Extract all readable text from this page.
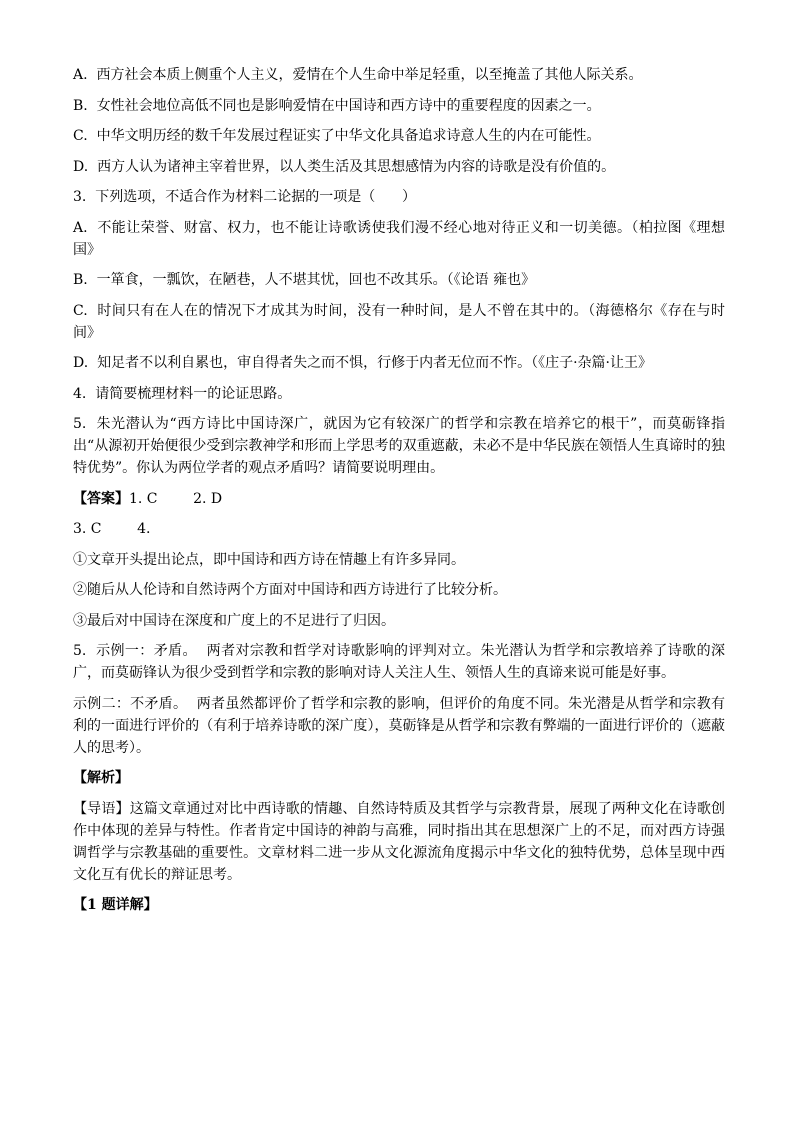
A.  西方社会本质上侧重个人主义，爱情在个人生命中举足轻重，以至掩盖了其他人际关系。

B.  女性社会地位高低不同也是影响爱情在中国诗和西方诗中的重要程度的因素之一。

C.  中华文明历经的数千年发展过程证实了中华文化具备追求诗意人生的内在可能性。

D.  西方人认为诸神主宰着世界，以人类生活及其思想感情为内容的诗歌是没有价值的。

3.  下列选项，不适合作为材料二论据的一项是（      ）

A.  不能让荣誉、财富、权力，也不能让诗歌诱使我们漫不经心地对待正义和一切美德。（柏拉图《理想国》

B.  一箪食，一瓢饮，在陋巷，人不堪其忧，回也不改其乐。（《论语 雍也》

C.  时间只有在人在的情况下才成其为时间，没有一种时间，是人不曾在其中的。（海德格尔《存在与时间》

D.  知足者不以利自累也，审自得者失之而不惧，行修于内者无位而不怍。（《庄子·杂篇·让王》

4.  请简要梳理材料一的论证思路。

5.  朱光潜认为“西方诗比中国诗深广，就因为它有较深广的哲学和宗教在培养它的根干”，而莫砺锋指出“从源初开始便很少受到宗教神学和形而上学思考的双重遮蔽，未必不是中华民族在领悟人生真谛时的独特优势”。你认为两位学者的观点矛盾吗？请简要说明理由。

【答案】1. C        2. D

3. C        4.

①文章开头提出论点，即中国诗和西方诗在情趣上有许多异同。

②随后从人伦诗和自然诗两个方面对中国诗和西方诗进行了比较分析。

③最后对中国诗在深度和广度上的不足进行了归因。

5.  示例一：矛盾。  两者对宗教和哲学对诗歌影响的评判对立。朱光潜认为哲学和宗教培养了诗歌的深广，而莫砺锋认为很少受到哲学和宗教的影响对诗人关注人生、领悟人生的真谛来说可能是好事。

示例二：不矛盾。  两者虽然都评价了哲学和宗教的影响，但评价的角度不同。朱光潜是从哲学和宗教有利的一面进行评价的（有利于培养诗歌的深广度），莫砺锋是从哲学和宗教有弊端的一面进行评价的（遮蔽人的思考）。

【解析】

【导语】这篇文章通过对比中西诗歌的情趣、自然诗特质及其哲学与宗教背景，展现了两种文化在诗歌创作中体现的差异与特性。作者肯定中国诗的神韵与高雅，同时指出其在思想深广上的不足，而对西方诗强调哲学与宗教基础的重要性。文章材料二进一步从文化源流角度揭示中华文化的独特优势，总体呈现中西文化互有优长的辩证思考。

【1 题详解】
